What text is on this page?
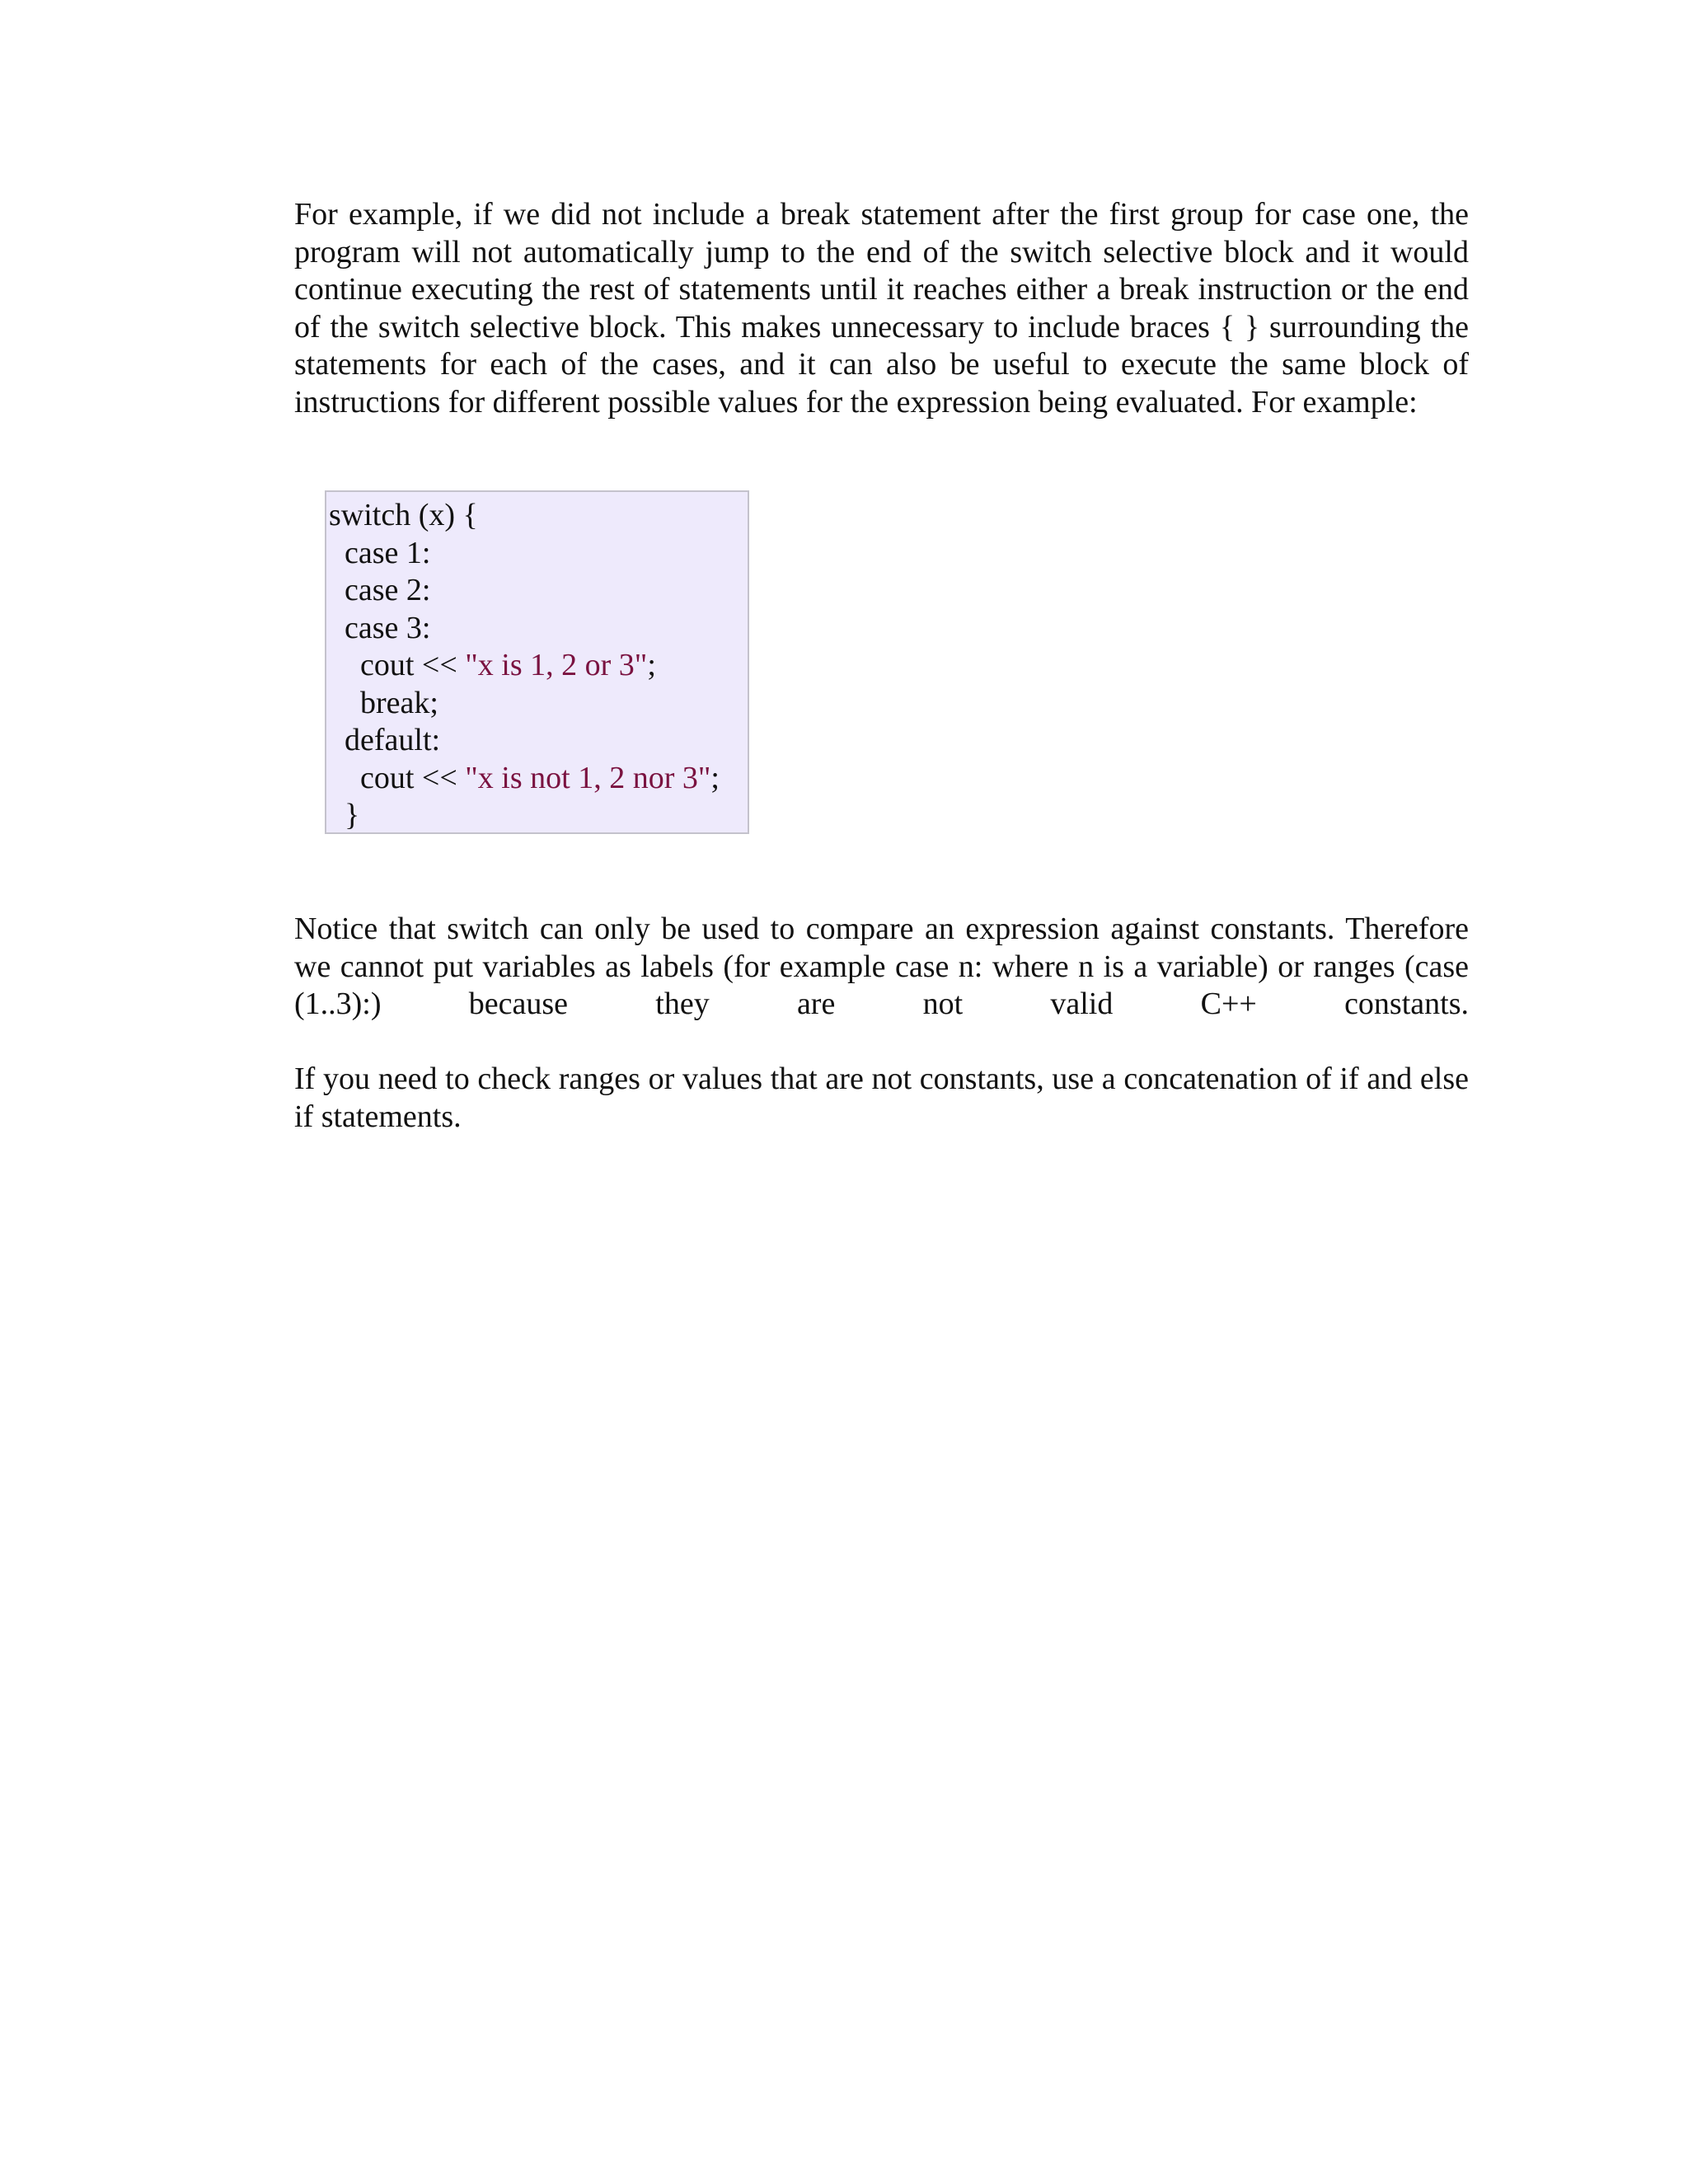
For example, if we did not include a break statement after the first group for case one, the program will not automatically jump to the end of the switch selective block and it would continue executing the rest of statements until it reaches either a break instruction or the end of the switch selective block. This makes unnecessary to include braces { } surrounding the statements for each of the cases, and it can also be useful to execute the same block of instructions for different possible values for the expression being evaluated. For example:

switch (x) {
case 1:
case 2:
case 3:
cout << "x is 1, 2 or 3";
break;
default:
cout << "x is not 1, 2 nor 3";
}

Notice that switch can only be used to compare an expression against constants. Therefore we cannot put variables as labels (for example case n: where n is a variable) or ranges (case (1..3):) because they are not valid C++ constants.

If you need to check ranges or values that are not constants, use a concatenation of if and else if statements.
